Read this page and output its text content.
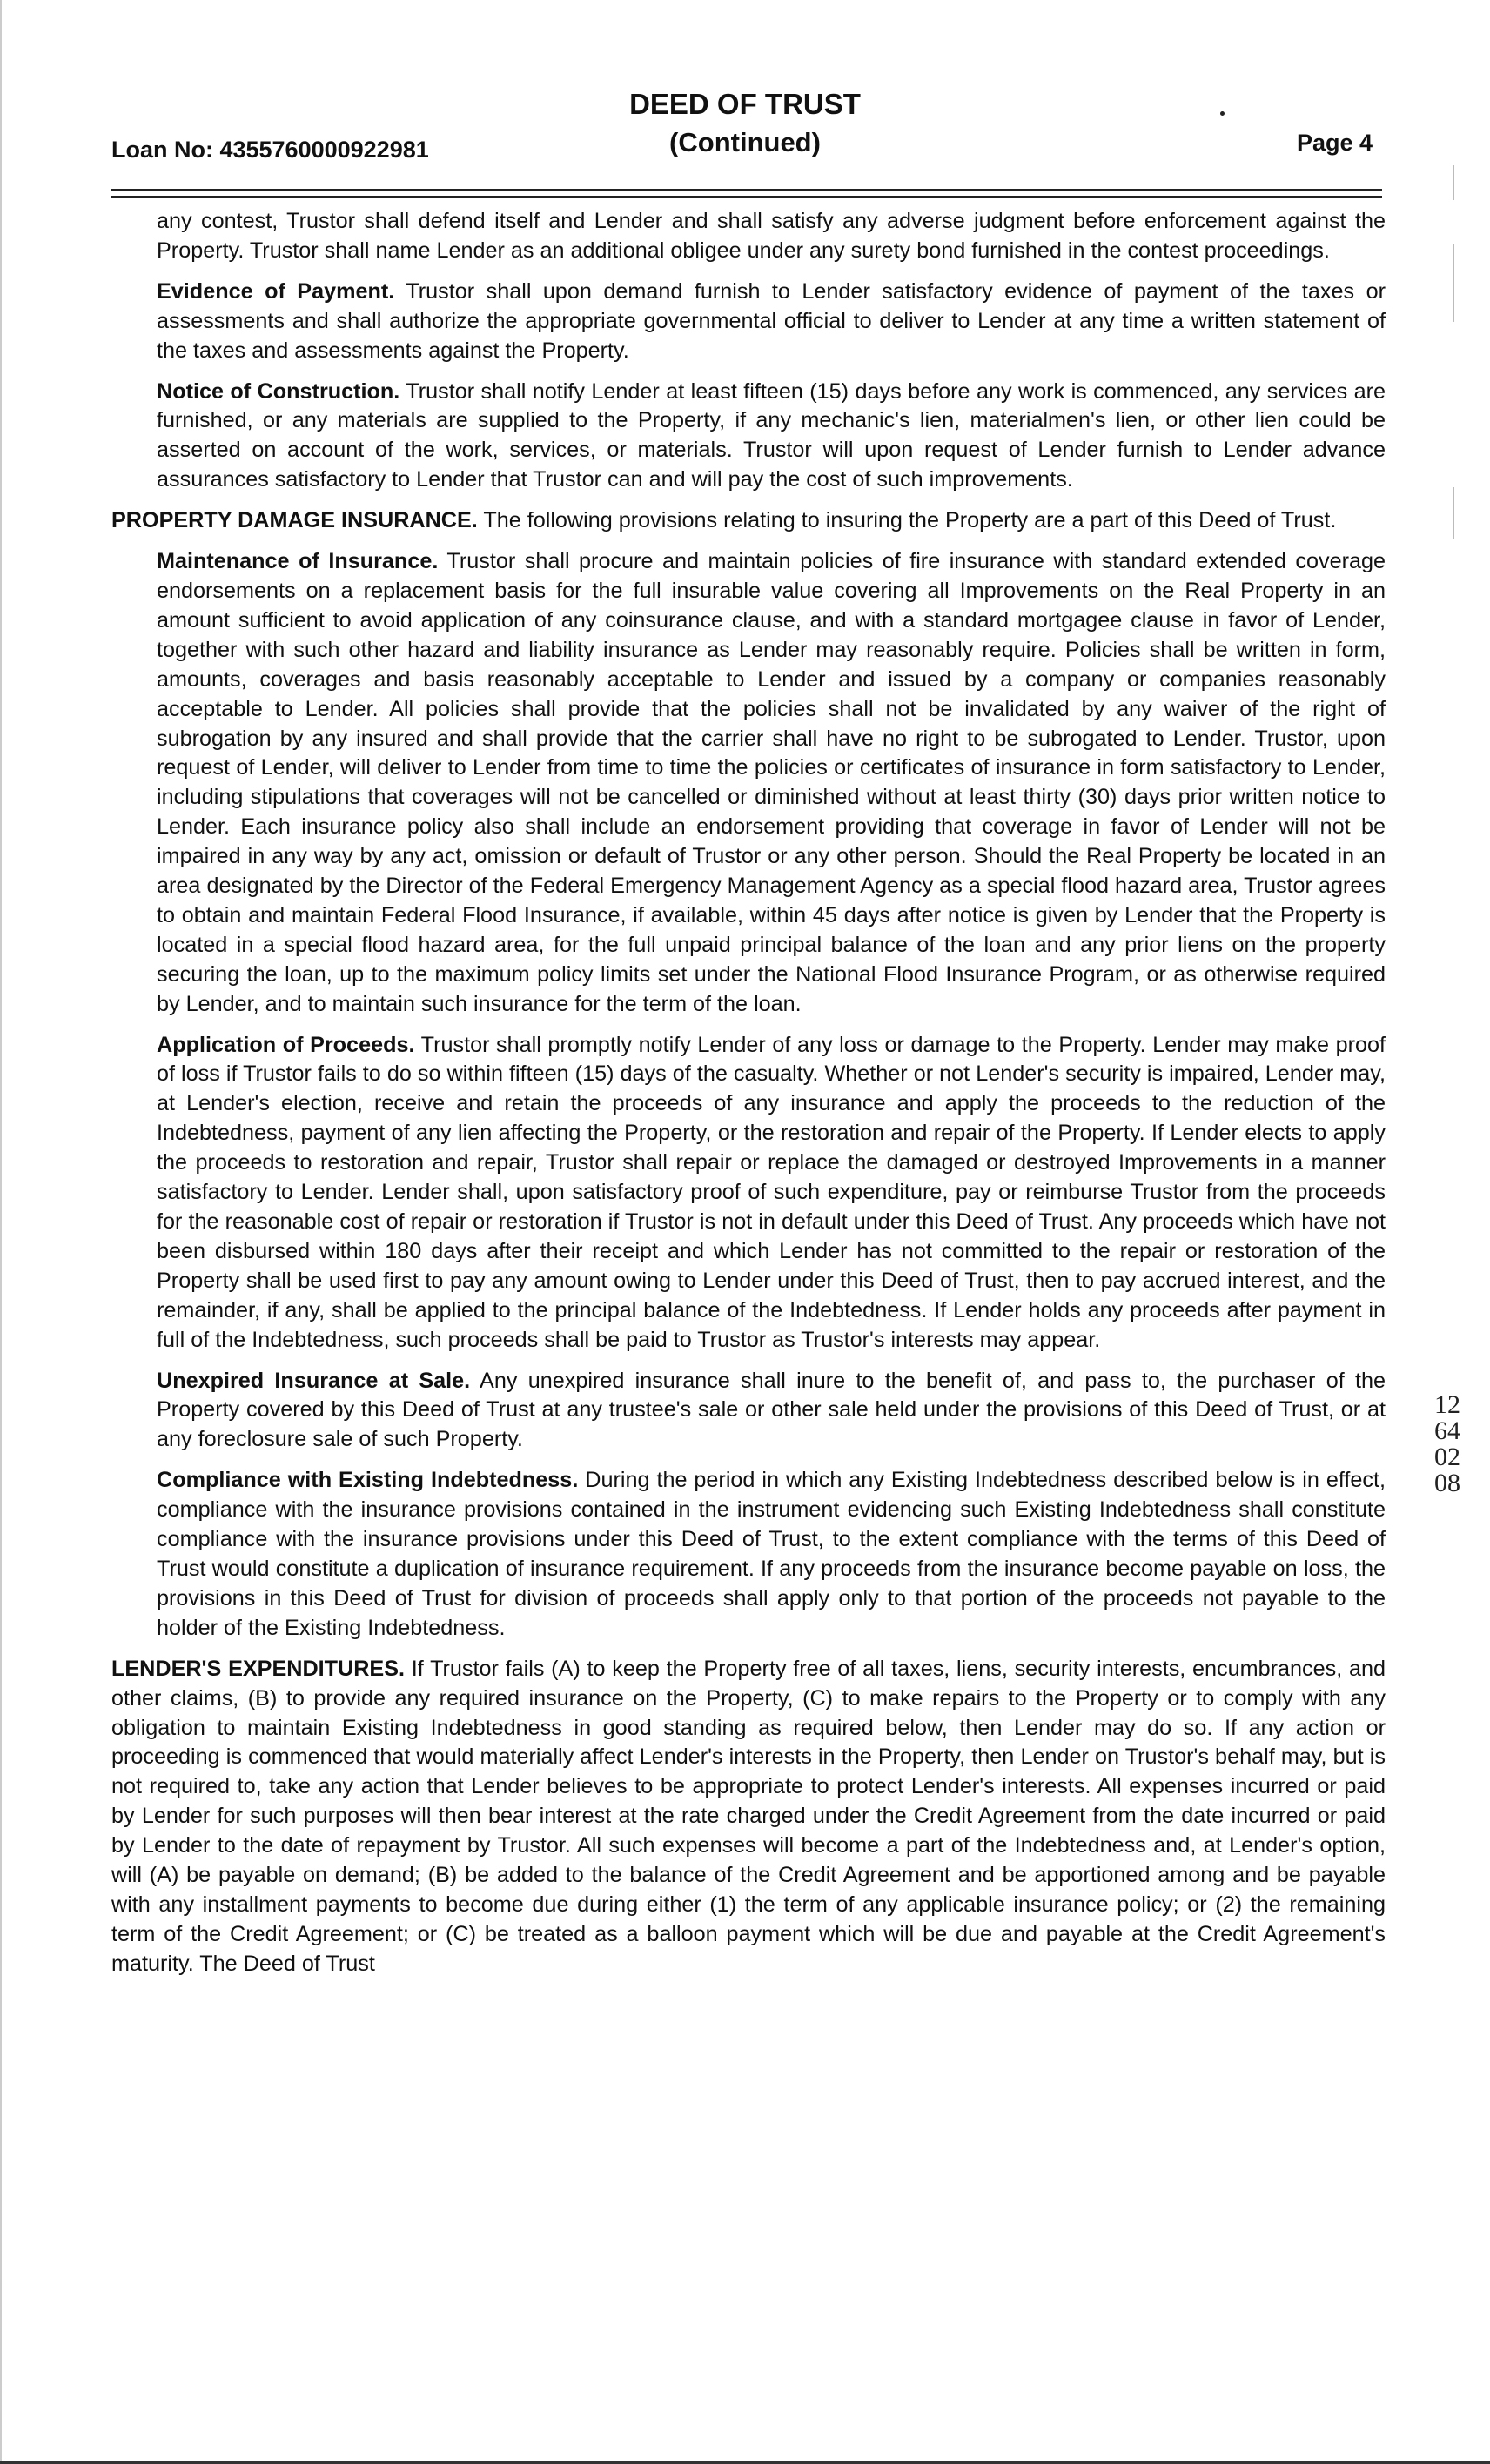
DEED OF TRUST
(Continued)
Loan No: 4355760000922981	Page 4

any contest, Trustor shall defend itself and Lender and shall satisfy any adverse judgment before enforcement against the Property. Trustor shall name Lender as an additional obligee under any surety bond furnished in the contest proceedings.

Evidence of Payment. Trustor shall upon demand furnish to Lender satisfactory evidence of payment of the taxes or assessments and shall authorize the appropriate governmental official to deliver to Lender at any time a written statement of the taxes and assessments against the Property.

Notice of Construction. Trustor shall notify Lender at least fifteen (15) days before any work is commenced, any services are furnished, or any materials are supplied to the Property, if any mechanic's lien, materialmen's lien, or other lien could be asserted on account of the work, services, or materials. Trustor will upon request of Lender furnish to Lender advance assurances satisfactory to Lender that Trustor can and will pay the cost of such improvements.

PROPERTY DAMAGE INSURANCE. The following provisions relating to insuring the Property are a part of this Deed of Trust.

Maintenance of Insurance. Trustor shall procure and maintain policies of fire insurance with standard extended coverage endorsements on a replacement basis for the full insurable value covering all Improvements on the Real Property in an amount sufficient to avoid application of any coinsurance clause, and with a standard mortgagee clause in favor of Lender, together with such other hazard and liability insurance as Lender may reasonably require. Policies shall be written in form, amounts, coverages and basis reasonably acceptable to Lender and issued by a company or companies reasonably acceptable to Lender. All policies shall provide that the policies shall not be invalidated by any waiver of the right of subrogation by any insured and shall provide that the carrier shall have no right to be subrogated to Lender. Trustor, upon request of Lender, will deliver to Lender from time to time the policies or certificates of insurance in form satisfactory to Lender, including stipulations that coverages will not be cancelled or diminished without at least thirty (30) days prior written notice to Lender. Each insurance policy also shall include an endorsement providing that coverage in favor of Lender will not be impaired in any way by any act, omission or default of Trustor or any other person. Should the Real Property be located in an area designated by the Director of the Federal Emergency Management Agency as a special flood hazard area, Trustor agrees to obtain and maintain Federal Flood Insurance, if available, within 45 days after notice is given by Lender that the Property is located in a special flood hazard area, for the full unpaid principal balance of the loan and any prior liens on the property securing the loan, up to the maximum policy limits set under the National Flood Insurance Program, or as otherwise required by Lender, and to maintain such insurance for the term of the loan.

Application of Proceeds. Trustor shall promptly notify Lender of any loss or damage to the Property. Lender may make proof of loss if Trustor fails to do so within fifteen (15) days of the casualty. Whether or not Lender's security is impaired, Lender may, at Lender's election, receive and retain the proceeds of any insurance and apply the proceeds to the reduction of the Indebtedness, payment of any lien affecting the Property, or the restoration and repair of the Property. If Lender elects to apply the proceeds to restoration and repair, Trustor shall repair or replace the damaged or destroyed Improvements in a manner satisfactory to Lender. Lender shall, upon satisfactory proof of such expenditure, pay or reimburse Trustor from the proceeds for the reasonable cost of repair or restoration if Trustor is not in default under this Deed of Trust. Any proceeds which have not been disbursed within 180 days after their receipt and which Lender has not committed to the repair or restoration of the Property shall be used first to pay any amount owing to Lender under this Deed of Trust, then to pay accrued interest, and the remainder, if any, shall be applied to the principal balance of the Indebtedness. If Lender holds any proceeds after payment in full of the Indebtedness, such proceeds shall be paid to Trustor as Trustor's interests may appear.

Unexpired Insurance at Sale. Any unexpired insurance shall inure to the benefit of, and pass to, the purchaser of the Property covered by this Deed of Trust at any trustee's sale or other sale held under the provisions of this Deed of Trust, or at any foreclosure sale of such Property.

Compliance with Existing Indebtedness. During the period in which any Existing Indebtedness described below is in effect, compliance with the insurance provisions contained in the instrument evidencing such Existing Indebtedness shall constitute compliance with the insurance provisions under this Deed of Trust, to the extent compliance with the terms of this Deed of Trust would constitute a duplication of insurance requirement. If any proceeds from the insurance become payable on loss, the provisions in this Deed of Trust for division of proceeds shall apply only to that portion of the proceeds not payable to the holder of the Existing Indebtedness.

LENDER'S EXPENDITURES. If Trustor fails (A) to keep the Property free of all taxes, liens, security interests, encumbrances, and other claims, (B) to provide any required insurance on the Property, (C) to make repairs to the Property or to comply with any obligation to maintain Existing Indebtedness in good standing as required below, then Lender may do so. If any action or proceeding is commenced that would materially affect Lender's interests in the Property, then Lender on Trustor's behalf may, but is not required to, take any action that Lender believes to be appropriate to protect Lender's interests. All expenses incurred or paid by Lender for such purposes will then bear interest at the rate charged under the Credit Agreement from the date incurred or paid by Lender to the date of repayment by Trustor. All such expenses will become a part of the Indebtedness and, at Lender's option, will (A) be payable on demand; (B) be added to the balance of the Credit Agreement and be apportioned among and be payable with any installment payments to become due during either (1) the term of any applicable insurance policy; or (2) the remaining term of the Credit Agreement; or (C) be treated as a balloon payment which will be due and payable at the Credit Agreement's maturity. The Deed of Trust

1264 0208
